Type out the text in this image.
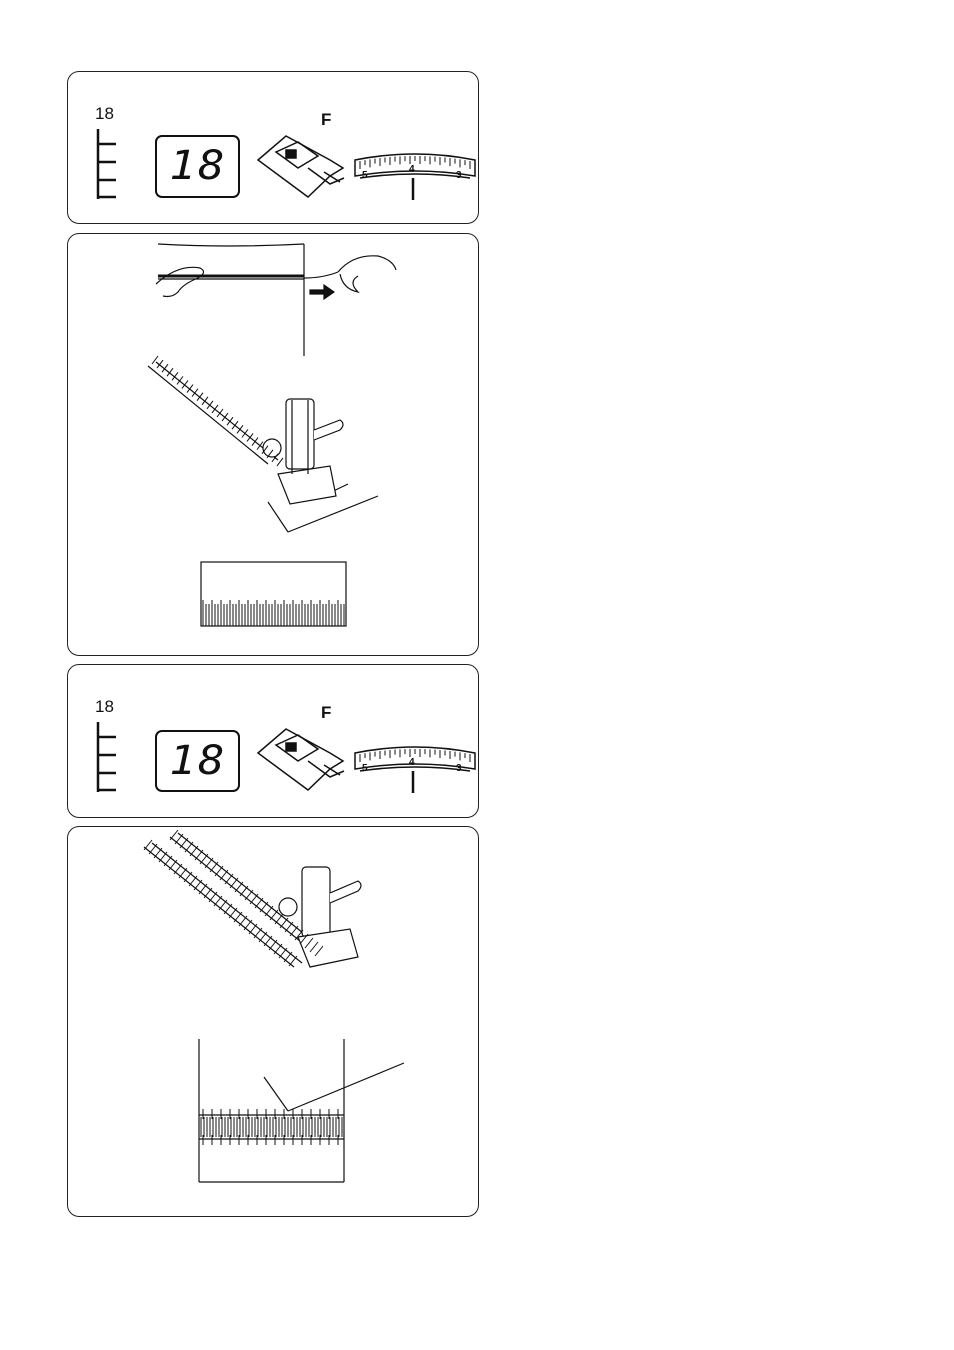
18	F
5
4
3
18
18	F
5
4
3
18
